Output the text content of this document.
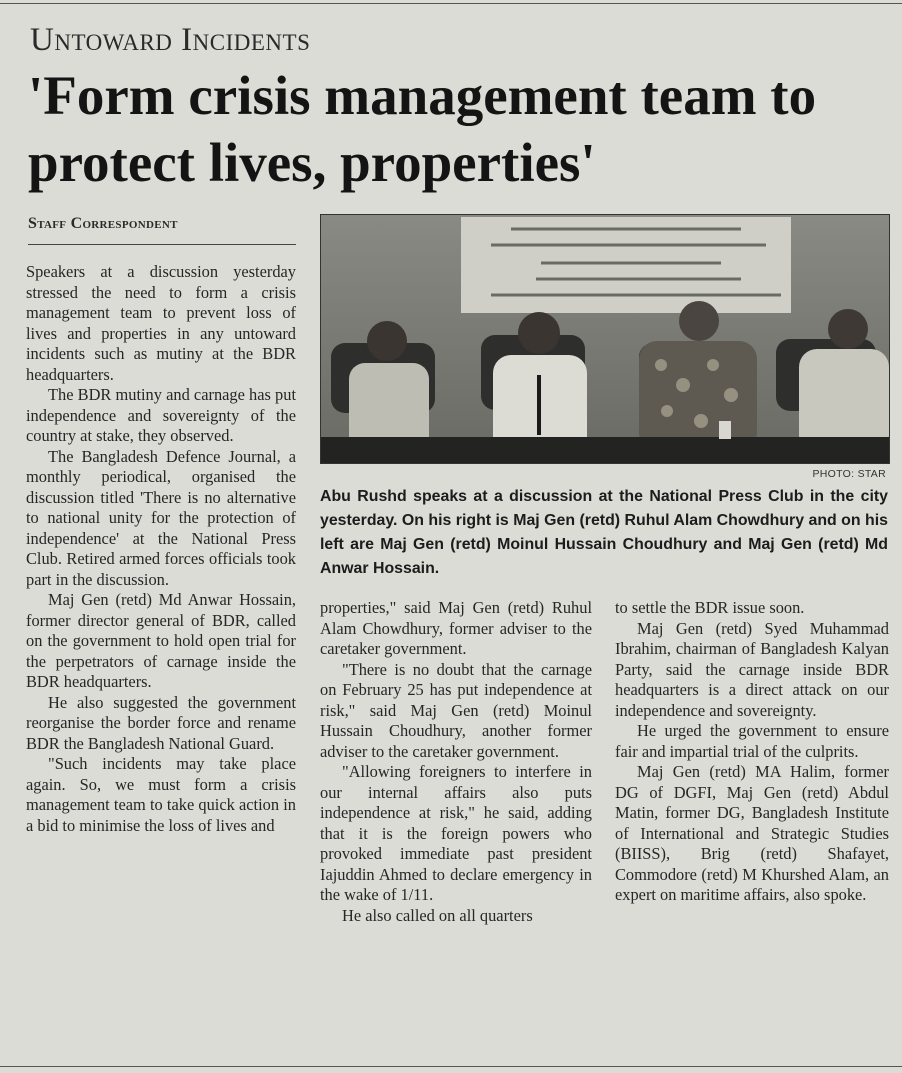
Untoward Incidents
'Form crisis management team to protect lives, properties'
Staff Correspondent

Speakers at a discussion yesterday stressed the need to form a crisis management team to prevent loss of lives and properties in any untoward incidents such as mutiny at the BDR headquarters.

The BDR mutiny and carnage has put independence and sovereignty of the country at stake, they observed.

The Bangladesh Defence Journal, a monthly periodical, organised the discussion titled 'There is no alternative to national unity for the protection of independence' at the National Press Club. Retired armed forces officials took part in the discussion.

Maj Gen (retd) Md Anwar Hossain, former director general of BDR, called on the government to hold open trial for the perpetrators of carnage inside the BDR headquarters.

He also suggested the government reorganise the border force and rename BDR the Bangladesh National Guard.

"Such incidents may take place again. So, we must form a crisis management team to take quick action in a bid to minimise the loss of lives and

PHOTO: STAR
Abu Rushd speaks at a discussion at the National Press Club in the city yesterday. On his right is Maj Gen (retd) Ruhul Alam Chowdhury and on his left are Maj Gen (retd) Moinul Hussain Choudhury and Maj Gen (retd) Md Anwar Hossain.

properties," said Maj Gen (retd) Ruhul Alam Chowdhury, former adviser to the caretaker government.

"There is no doubt that the carnage on February 25 has put independence at risk," said Maj Gen (retd) Moinul Hussain Choudhury, another former adviser to the caretaker government.

"Allowing foreigners to interfere in our internal affairs also puts independence at risk," he said, adding that it is the foreign powers who provoked immediate past president Iajuddin Ahmed to declare emergency in the wake of 1/11.

He also called on all quarters

to settle the BDR issue soon.

Maj Gen (retd) Syed Muhammad Ibrahim, chairman of Bangladesh Kalyan Party, said the carnage inside BDR headquarters is a direct attack on our independence and sovereignty.

He urged the government to ensure fair and impartial trial of the culprits.

Maj Gen (retd) MA Halim, former DG of DGFI, Maj Gen (retd) Abdul Matin, former DG, Bangladesh Institute of International and Strategic Studies (BIISS), Brig (retd) Shafayet, Commodore (retd) M Khurshed Alam, an expert on maritime affairs, also spoke.
